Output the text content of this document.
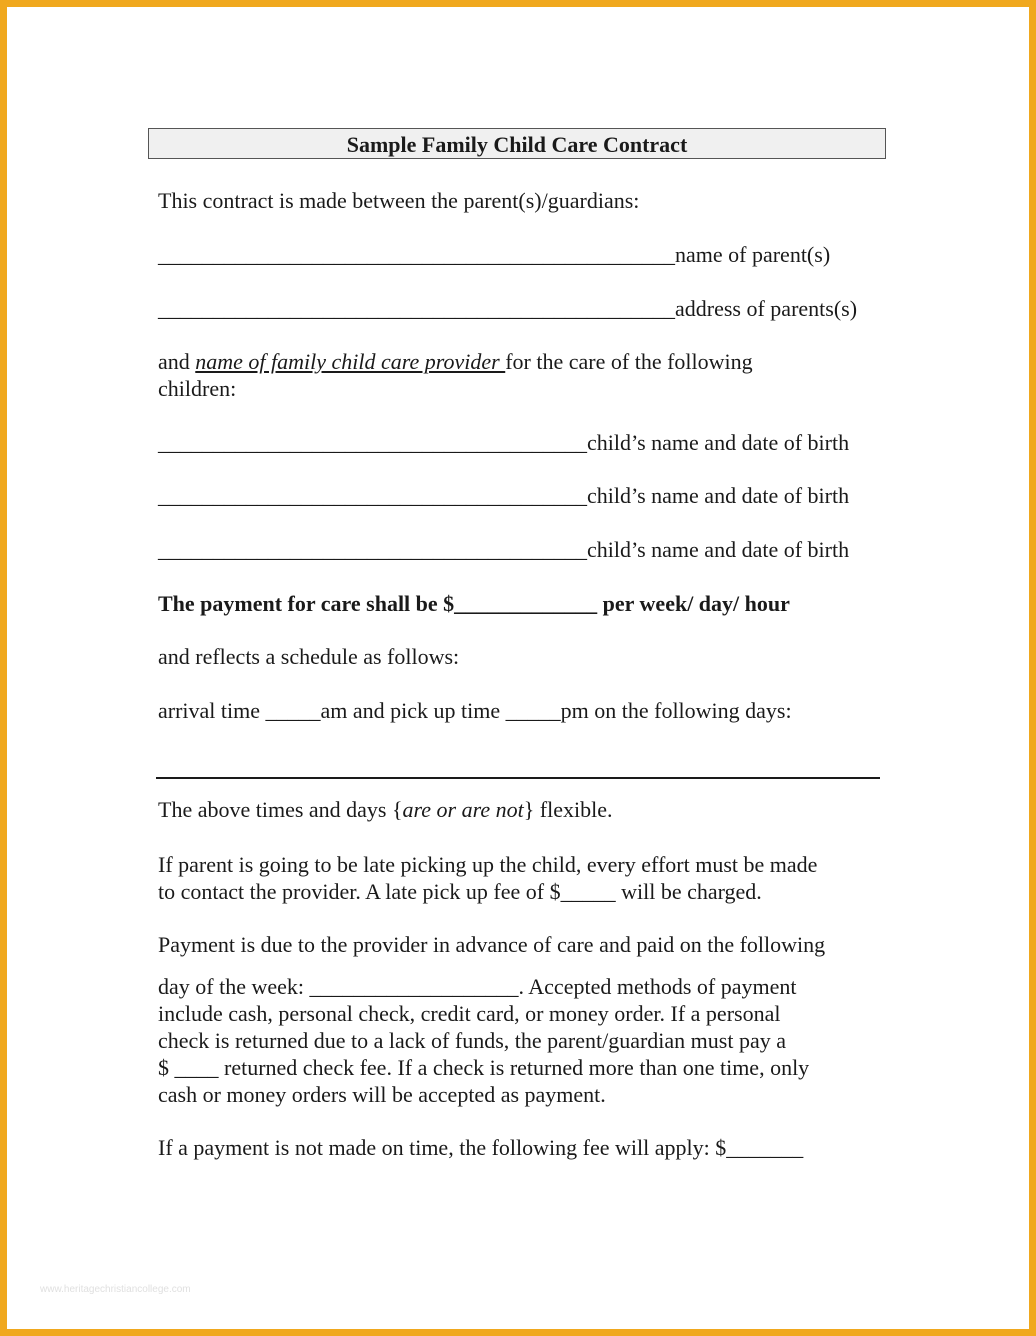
Sample Family Child Care Contract
This contract is made between the parent(s)/guardians:
_______________________________________________name of parent(s)
_______________________________________________address of parents(s)
and name of family child care provider for the care of the following
children:
_______________________________________child’s name and date of birth
_______________________________________child’s name and date of birth
_______________________________________child’s name and date of birth
The payment for care shall be $_____________ per week/ day/ hour
and reflects a schedule as follows:
arrival time _____am and pick up time _____pm on the following days:
The above times and days {are or are not} flexible.
If parent is going to be late picking up the child, every effort must be made
to contact the provider. A late pick up fee of $_____ will be charged.
Payment is due to the provider in advance of care and paid on the following
day of the week: ___________________. Accepted methods of payment
include cash, personal check, credit card, or money order. If a personal
check is returned due to a lack of funds, the parent/guardian must pay a
$ ____ returned check fee. If a check is returned more than one time, only
cash or money orders will be accepted as payment.
If a payment is not made on time, the following fee will apply: $_______
www.heritagechristiancollege.com
